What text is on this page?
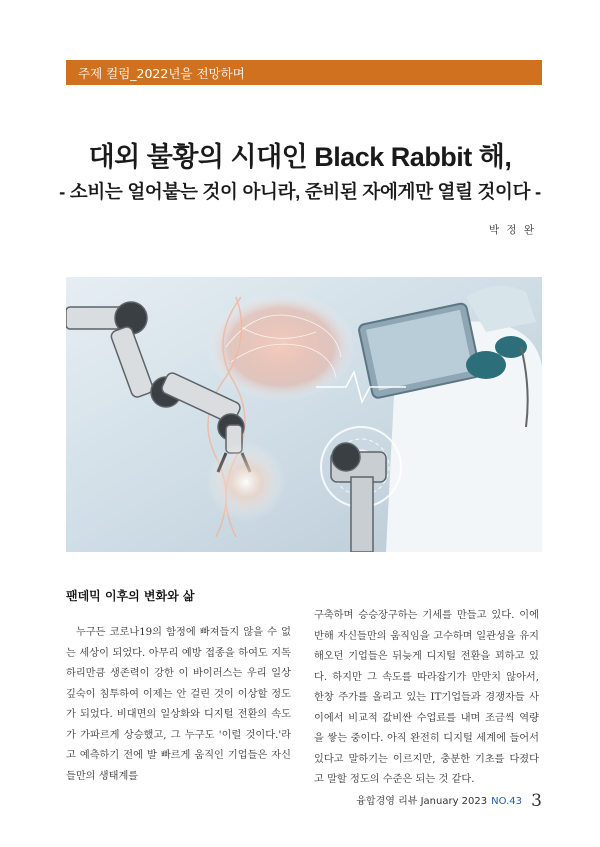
주제 컬럼_2022년을 전망하며
대외 불황의 시대인 Black Rabbit 해,
- 소비는 얼어붙는 것이 아니라, 준비된 자에게만 열릴 것이다 -
박 정 완
팬데믹 이후의 변화와 삶
누구든 코로나19의 함정에 빠져들지 않을 수 없는 세상이 되었다. 아무리 예방 접종을 하여도 지독하리만큼 생존력이 강한 이 바이러스는 우리 일상 깊숙이 침투하여 이제는 안 걸린 것이 이상할 정도가 되었다. 비대면의 일상화와 디지털 전환의 속도가 가파르게 상승했고, 그 누구도 '이럴 것이다.'라고 예측하기 전에 발 빠르게 움직인 기업들은 자신들만의 생태계를
구축하며 승승장구하는 기세를 만들고 있다. 이에 반해 자신들만의 움직임을 고수하며 일관성을 유지해오던 기업들은 뒤늦게 디지털 전환을 꾀하고 있다. 하지만 그 속도를 따라잡기가 만만치 않아서, 한창 주가를 올리고 있는 IT기업들과 경쟁자들 사이에서 비교적 값비싼 수업료를 내며 조금씩 역량을 쌓는 중이다. 아직 완전히 디지털 세계에 들어서 있다고 말하기는 이르지만, 충분한 기초를 다졌다고 말할 정도의 수준은 되는 것 같다.
융합경영 리뷰 January 2023 NO.43 3
